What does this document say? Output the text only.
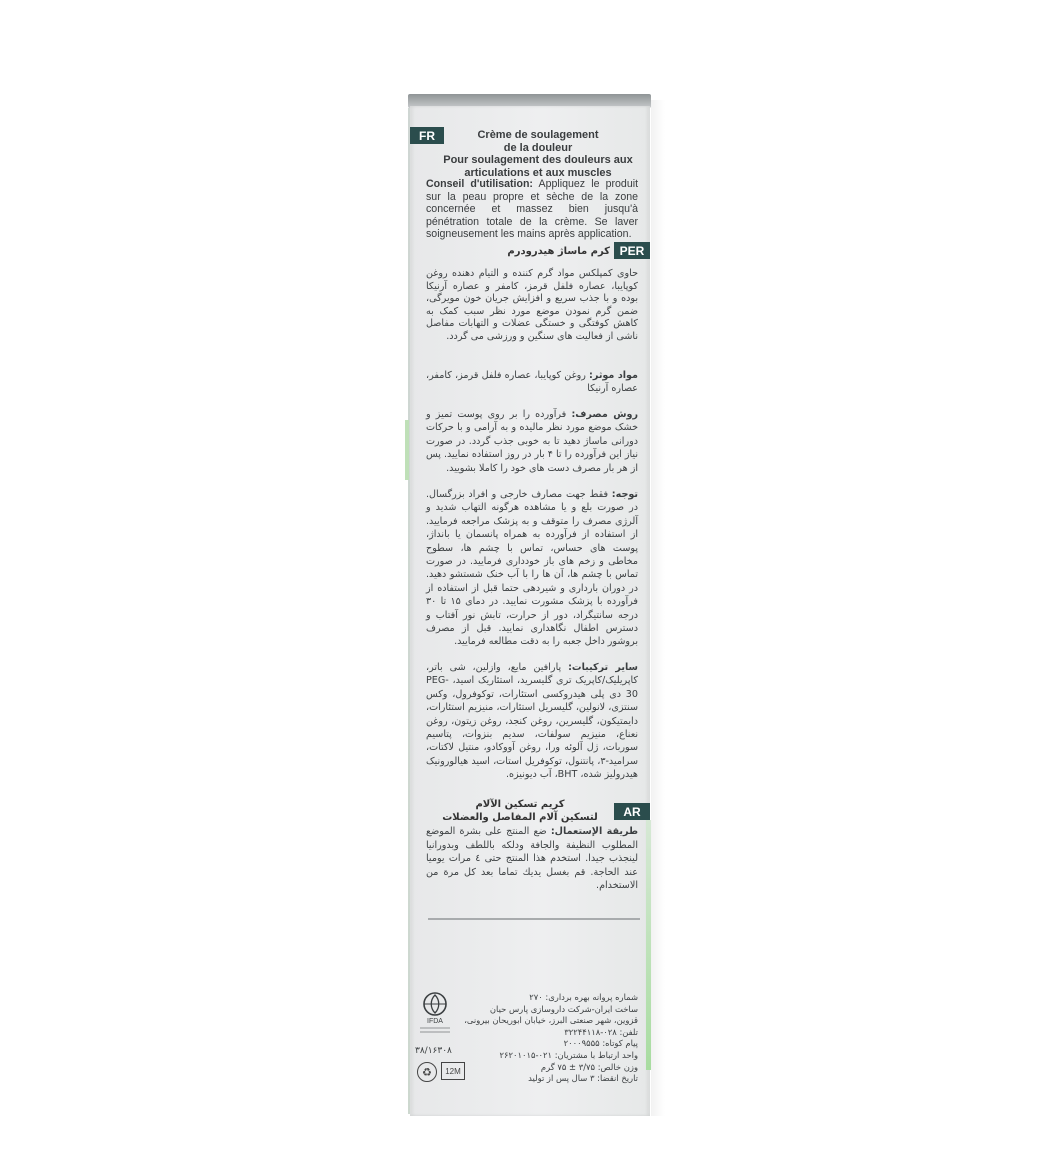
FR	Crème de soulagement
de la douleur
Pour soulagement des douleurs aux
articulations et aux muscles
Conseil d'utilisation: Appliquez le produit sur la peau propre et sèche de la zone concernée et massez bien jusqu'à pénétration totale de la crème. Se laver soigneusement les mains après application.
PER
کرم ماساژ هیدرودرم
حاوی کمپلکس مواد گرم کننده و التیام دهنده روغن کوپایبا، عصاره فلفل قرمز، کامفر و عصاره آرنیکا بوده و با جذب سریع و افزایش جریان خون مویرگی، ضمن گرم نمودن موضع مورد نظر سبب کمک به کاهش کوفتگی و خستگی عضلات و التهابات مفاصل ناشی از فعالیت های سنگین و ورزشی می گردد.
مواد موثر: روغن کوپایبا، عصاره فلفل قرمز، کامفر، عصاره آرنیکا
روش مصرف: فرآورده را بر روی پوست تمیز و خشک موضع مورد نظر مالیده و به آرامی و با حرکات دورانی ماساژ دهید تا به خوبی جذب گردد. در صورت نیاز این فرآورده را تا ۴ بار در روز استفاده نمایید. پس از هر بار مصرف دست های خود را کاملا بشویید.
توجه: فقط جهت مصارف خارجی و افراد بزرگسال. در صورت بلع و یا مشاهده هرگونه التهاب شدید و آلرژی مصرف را متوقف و به پزشک مراجعه فرمایید. از استفاده از فرآورده به همراه پانسمان یا بانداژ، پوست های حساس، تماس با چشم ها، سطوح مخاطی و زخم های باز خودداری فرمایید. در صورت تماس با چشم ها، آن ها را با آب خنک شستشو دهید. در دوران بارداری و شیردهی حتما قبل از استفاده از فرآورده با پزشک مشورت نمایید. در دمای ۱۵ تا ۳۰ درجه سانتیگراد، دور از حرارت، تابش نور آفتاب و دسترس اطفال نگاهداری نمایید. قبل از مصرف بروشور داخل جعبه را به دقت مطالعه فرمایید.
سایر ترکیبات: پارافین مایع، وازلین، شی باتر، کاپریلیک/کاپریک تری گلیسرید، استئاریک اسید، PEG-30 دی پلی هیدروکسی استئارات، توکوفرول، وکس سنتزی، لانولین، گلیسریل استئارات، منیزیم استئارات، دایمتیکون، گلیسرین، روغن کنجد، روغن زیتون، روغن نعناع، منیزیم سولفات، سدیم بنزوات، پتاسیم سوربات، ژل آلوئه ورا، روغن آووکادو، منتیل لاکتات، سرامید-۳، پانتنول، توکوفریل استات، اسید هیالورونیک هیدرولیز شده، BHT، آب دیونیزه.
AR
كريم تسكين الآلام
لتسكين آلام المفاصل والعضلات
طريقة الإستعمال: ضع المنتج على بشرة الموضع المطلوب النظيفة والجافة ودلكه باللطف وبدورانيا لينجذب جيدا. استخدم هذا المنتج حتى ٤ مرات يوميا عند الحاجة. قم بغسل يديك تماما بعد كل مرة من الاستخدام.
IFDA
شماره پروانه بهره برداری: ۲۷۰
ساخت ایران-شرکت داروسازی پارس حیان
قزوین، شهر صنعتی البرز، خیابان ابوریحان بیرونی،
تلفن: ۰۲۸-۳۲۲۴۴۱۱۸
پیام کوتاه: ۲۰۰۰۹۵۵۵
واحد ارتباط با مشتریان: ۰۲۱-۲۶۲۰۱۰۱۵
وزن خالص: ۳/۷۵ ± ۷۵ گرم
تاریخ انقضا: ۳ سال پس از تولید
۳۸/۱۶۳۰۸
♻	12M
